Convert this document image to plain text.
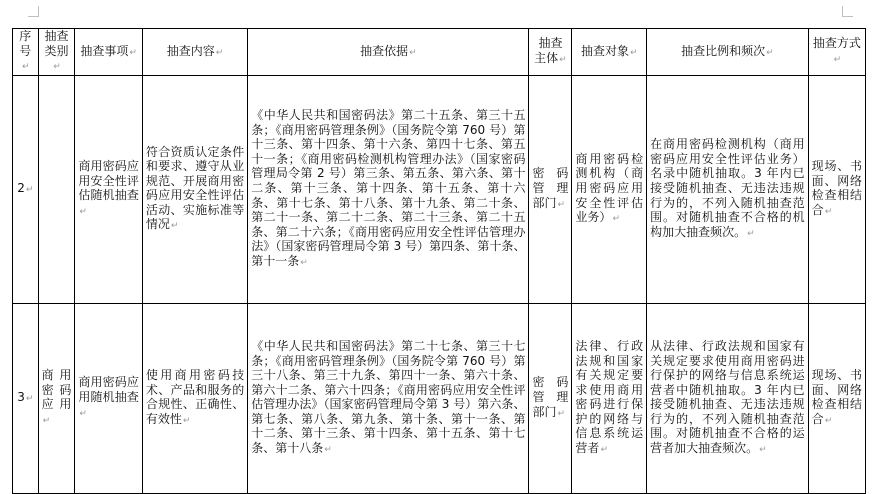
序号↵	抽查类别↵	抽查事项↵	抽查内容↵	抽查依据↵	抽查主体↵	抽查对象↵	抽查比例和频次↵	抽查方式↵
2↵		商用密码应用安全性评估随机抽查↵	符合资质认定条件和要求、遵守从业规范、开展商用密码应用安全性评估活动、实施标准等情况↵	《中华人民共和国密码法》第二十五条、第三十五条；《商用密码管理条例》（国务院令第 760 号）第十三条、第十四条、第十六条、第四十七条、第五十一条；《商用密码检测机构管理办法》（国家密码管理局令第 2 号）第三条、第五条、第六条、第十二条、第十三条、第十四条、第十五条、第十六条、第十七条、第十八条、第十九条、第二十条、第二十一条、第二十二条、第二十三条、第二十五条、第二十六条；《商用密码应用安全性评估管理办法》（国家密码管理局令第 3 号）第四条、第十条、第十一条↵	密码管理部门↵	商用密码检测机构（商用密码应用安全性评估业务）↵	在商用密码检测机构（商用密码应用安全性评估业务）名录中随机抽取。3 年内已接受随机抽查、无违法违规行为的，不列入随机抽查范围。对随机抽查不合格的机构加大抽查频次。↵	现场、书面、网络检查相结合↵
3↵	商用密码应用↵	商用密码应用随机抽查↵	使用商用密码技术、产品和服务的合规性、正确性、有效性↵	《中华人民共和国密码法》第二十七条、第三十七条；《商用密码管理条例》（国务院令第 760 号）第三十八条、第三十九条、第四十一条、第六十条、第六十二条、第六十四条；《商用密码应用安全性评估管理办法》（国家密码管理局令第 3 号）第六条、第七条、第八条、第九条、第十条、第十一条、第十二条、第十三条、第十四条、第十五条、第十七条、第十八条↵	密码管理部门↵	法律、行政法规和国家有关规定要求使用商用密码进行保护的网络与信息系统运营者↵	从法律、行政法规和国家有关规定要求使用商用密码进行保护的网络与信息系统运营者中随机抽取。3 年内已接受随机抽查、无违法违规行为的，不列入随机抽查范围。对随机抽查不合格的运营者加大抽查频次。↵	现场、书面、网络检查相结合↵
